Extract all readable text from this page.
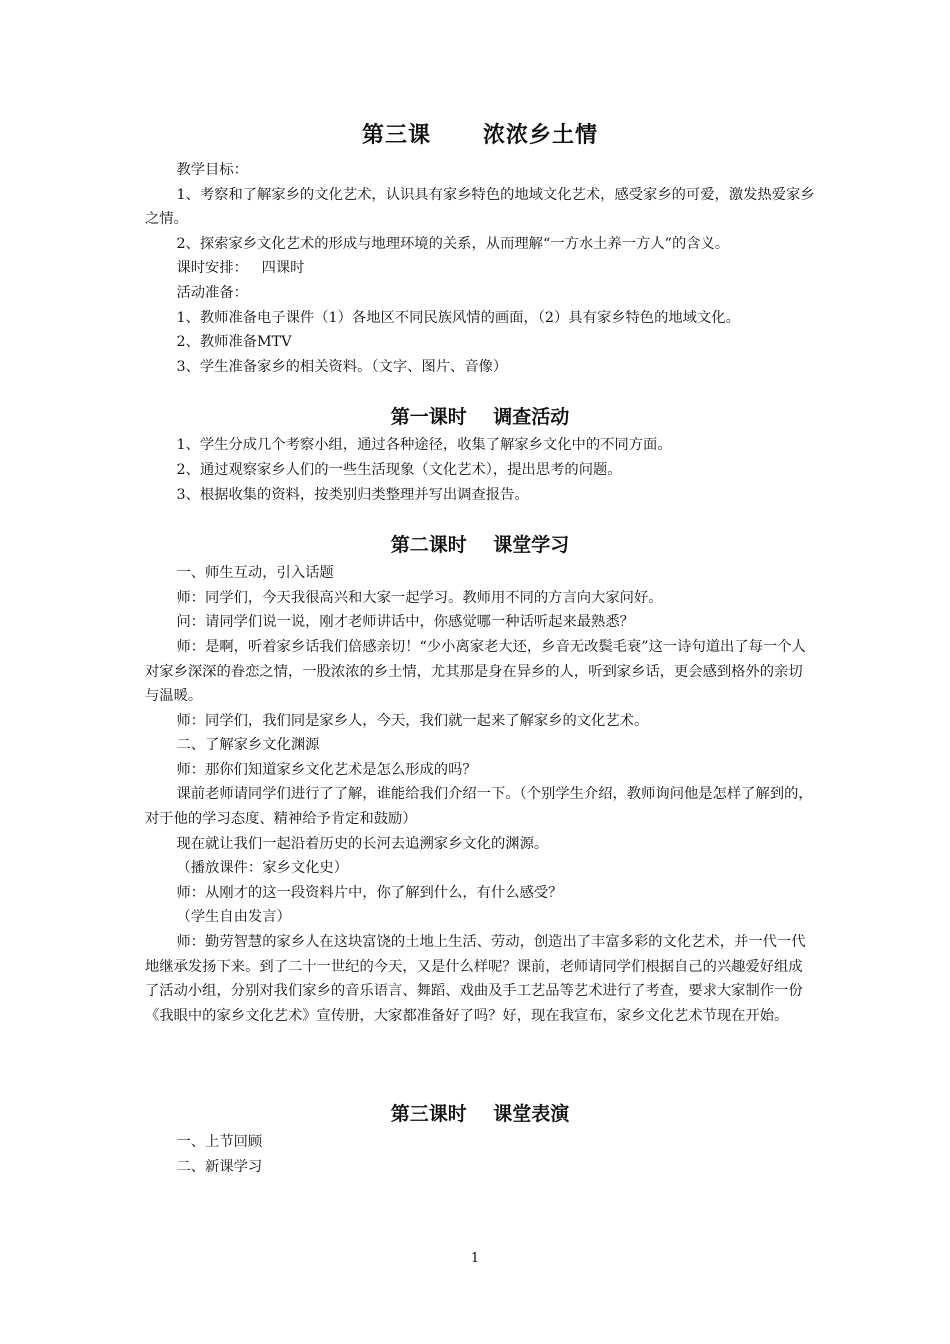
第三课      浓浓乡土情

教学目标：

1、考察和了解家乡的文化艺术，认识具有家乡特色的地域文化艺术，感受家乡的可爱，激发热爱家乡之情。

2、探索家乡文化艺术的形成与地理环境的关系，从而理解“一方水土养一方人”的含义。

课时安排：   四课时

活动准备：

1、教师准备电子课件（1）各地区不同民族风情的画面，（2）具有家乡特色的地域文化。

2、教师准备MTV

3、学生准备家乡的相关资料。（文字、图片、音像）

第一课时    调查活动

1、学生分成几个考察小组，通过各种途径，收集了解家乡文化中的不同方面。

2、通过观察家乡人们的一些生活现象（文化艺术），提出思考的问题。

3、根据收集的资料，按类别归类整理并写出调查报告。

第二课时    课堂学习

一、师生互动，引入话题

师：同学们，今天我很高兴和大家一起学习。教师用不同的方言向大家问好。

问：请同学们说一说，刚才老师讲话中，你感觉哪一种话听起来最熟悉？

师：是啊，听着家乡话我们倍感亲切！“少小离家老大还，乡音无改鬓毛衰”这一诗句道出了每一个人对家乡深深的眷恋之情，一股浓浓的乡土情，尤其那是身在异乡的人，听到家乡话，更会感到格外的亲切与温暖。

师：同学们，我们同是家乡人，今天，我们就一起来了解家乡的文化艺术。

二、了解家乡文化渊源

师：那你们知道家乡文化艺术是怎么形成的吗？

课前老师请同学们进行了了解，谁能给我们介绍一下。（个别学生介绍，教师询问他是怎样了解到的，对于他的学习态度、精神给予肯定和鼓励）

现在就让我们一起沿着历史的长河去追溯家乡文化的渊源。

（播放课件：家乡文化史）

师：从刚才的这一段资料片中，你了解到什么，有什么感受？

（学生自由发言）

师：勤劳智慧的家乡人在这块富饶的土地上生活、劳动，创造出了丰富多彩的文化艺术，并一代一代地继承发扬下来。到了二十一世纪的今天，又是什么样呢？课前，老师请同学们根据自己的兴趣爱好组成了活动小组，分别对我们家乡的音乐语言、舞蹈、戏曲及手工艺品等艺术进行了考查，要求大家制作一份《我眼中的家乡文化艺术》宣传册，大家都准备好了吗？好，现在我宣布，家乡文化艺术节现在开始。

第三课时    课堂表演

一、上节回顾

二、新课学习

1
